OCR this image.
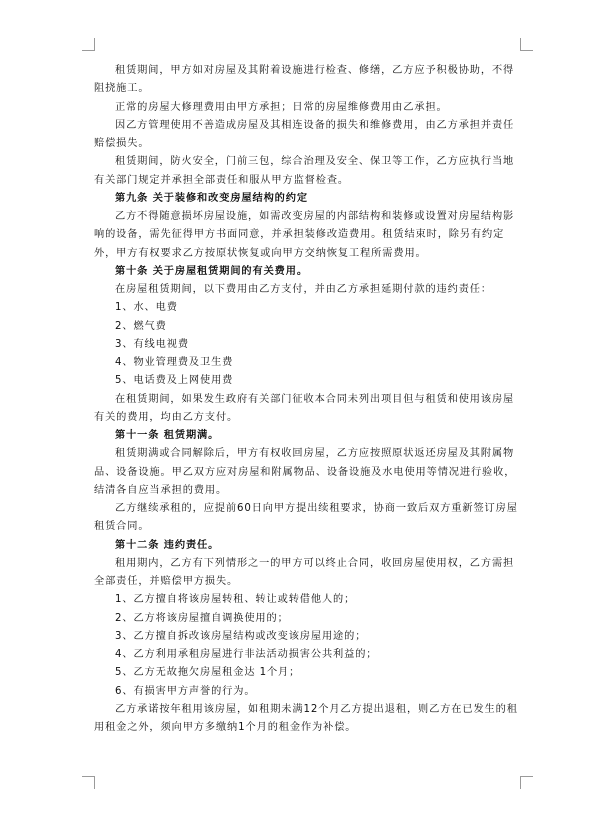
租赁期间，甲方如对房屋及其附着设施进行检查、修缮，乙方应予积极协助，不得阻挠施工。

正常的房屋大修理费用由甲方承担；日常的房屋维修费用由乙承担。

因乙方管理使用不善造成房屋及其相连设备的损失和维修费用，由乙方承担并责任赔偿损失。

租赁期间，防火安全，门前三包，综合治理及安全、保卫等工作，乙方应执行当地有关部门规定并承担全部责任和服从甲方监督检查。

第九条 关于装修和改变房屋结构的约定

乙方不得随意损坏房屋设施，如需改变房屋的内部结构和装修或设置对房屋结构影响的设备，需先征得甲方书面同意，并承担装修改造费用。租赁结束时，除另有约定外，甲方有权要求乙方按原状恢复或向甲方交纳恢复工程所需费用。

第十条 关于房屋租赁期间的有关费用。

在房屋租赁期间，以下费用由乙方支付，并由乙方承担延期付款的违约责任：

1、水、电费

2、燃气费

3、有线电视费

4、物业管理费及卫生费

5、电话费及上网使用费

在租赁期间，如果发生政府有关部门征收本合同未列出项目但与租赁和使用该房屋有关的费用，均由乙方支付。

第十一条 租赁期满。

租赁期满或合同解除后，甲方有权收回房屋，乙方应按照原状返还房屋及其附属物品、设备设施。甲乙双方应对房屋和附属物品、设备设施及水电使用等情况进行验收，结清各自应当承担的费用。

乙方继续承租的，应提前60日向甲方提出续租要求，协商一致后双方重新签订房屋租赁合同。

第十二条 违约责任。

租用期内，乙方有下列情形之一的甲方可以终止合同，收回房屋使用权，乙方需担全部责任，并赔偿甲方损失。

1、乙方擅自将该房屋转租、转让或转借他人的；

2、乙方将该房屋擅自调换使用的；

3、乙方擅自拆改该房屋结构或改变该房屋用途的；

4、乙方利用承租房屋进行非法活动损害公共利益的；

5、乙方无故拖欠房屋租金达 1个月；

6、有损害甲方声誉的行为。

乙方承诺按年租用该房屋，如租期未满12个月乙方提出退租，则乙方在已发生的租用租金之外，须向甲方多缴纳1个月的租金作为补偿。
